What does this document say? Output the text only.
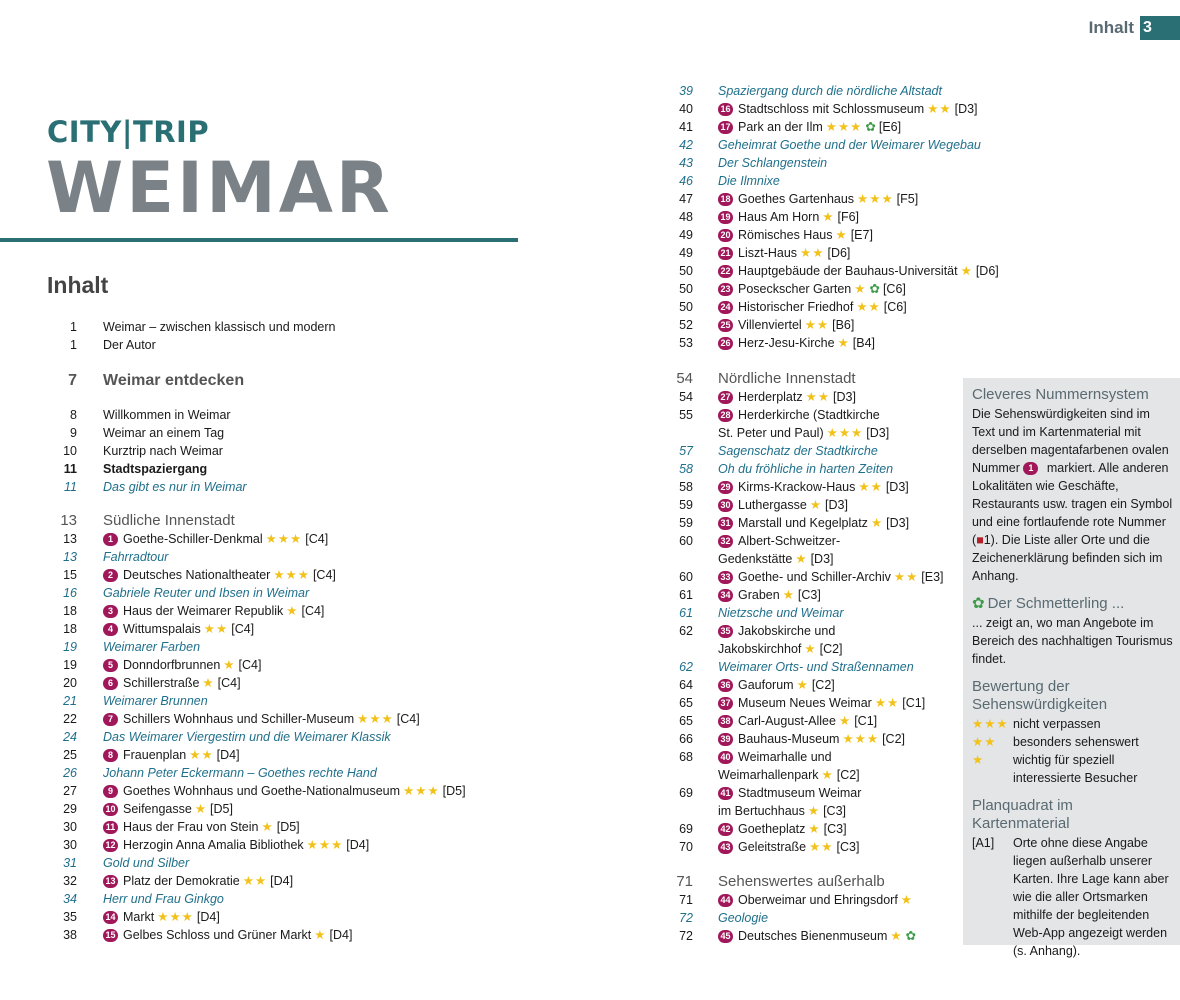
Inhalt 3
CITY|TRIP
WEIMAR
Inhalt
1 Weimar – zwischen klassisch und modern
1 Der Autor
7 Weimar entdecken
8 Willkommen in Weimar
9 Weimar an einem Tag
10 Kurztrip nach Weimar
11 Stadtspaziergang
11 Das gibt es nur in Weimar
13 Südliche Innenstadt
13	1 Goethe-Schiller-Denkmal ★★★ [C4]
13 Fahrradtour
15	2 Deutsches Nationaltheater ★★★ [C4]
16 Gabriele Reuter und Ibsen in Weimar
18	3 Haus der Weimarer Republik ★ [C4]
18	4 Wittumspalais ★★ [C4]
19 Weimarer Farben
19	5 Donndorfbrunnen ★ [C4]
20	6 Schillerstraße ★ [C4]
21 Weimarer Brunnen
22	7 Schillers Wohnhaus und Schiller-Museum ★★★ [C4]
24 Das Weimarer Viergestirn und die Weimarer Klassik
25	8 Frauenplan ★★ [D4]
26 Johann Peter Eckermann – Goethes rechte Hand
27	9 Goethes Wohnhaus und Goethe-Nationalmuseum ★★★ [D5]
29	10 Seifengasse ★ [D5]
30	11 Haus der Frau von Stein ★ [D5]
30	12 Herzogin Anna Amalia Bibliothek ★★★ [D4]
31 Gold und Silber
32	13 Platz der Demokratie ★★ [D4]
34 Herr und Frau Ginkgo
35	14 Markt ★★★ [D4]
38	15 Gelbes Schloss und Grüner Markt ★ [D4]
39 Spaziergang durch die nördliche Altstadt
40	16 Stadtschloss mit Schlossmuseum ★★ [D3]
41	17 Park an der Ilm ★★★ ✿ [E6]
42 Geheimrat Goethe und der Weimarer Wegebau
43 Der Schlangenstein
46 Die Ilmnixe
47	18 Goethes Gartenhaus ★★★ [F5]
48	19 Haus Am Horn ★ [F6]
49	20 Römisches Haus ★ [E7]
49	21 Liszt-Haus ★★ [D6]
50	22 Hauptgebäude der Bauhaus-Universität ★ [D6]
50	23 Poseckscher Garten ★ ✿ [C6]
50	24 Historischer Friedhof ★★ [C6]
52	25 Villenviertel ★★ [B6]
53	26 Herz-Jesu-Kirche ★ [B4]
54 Nördliche Innenstadt
54	27 Herderplatz ★★ [D3]
55	28 Herderkirche (Stadtkirche
St. Peter und Paul) ★★★ [D3]
57 Sagenschatz der Stadtkirche
58 Oh du fröhliche in harten Zeiten
58	29 Kirms-Krackow-Haus ★★ [D3]
59	30 Luthergasse ★ [D3]
59	31 Marstall und Kegelplatz ★ [D3]
60	32 Albert-Schweitzer-
Gedenkstätte ★ [D3]
60	33 Goethe- und Schiller-Archiv ★★ [E3]
61	34 Graben ★ [C3]
61 Nietzsche und Weimar
62	35 Jakobskirche und
Jakobskirchhof ★ [C2]
62 Weimarer Orts- und Straßennamen
64	36 Gauforum ★ [C2]
65	37 Museum Neues Weimar ★★ [C1]
65	38 Carl-August-Allee ★ [C1]
66	39 Bauhaus-Museum ★★★ [C2]
68	40 Weimarhalle und
Weimarhallenpark ★ [C2]
69	41 Stadtmuseum Weimar
im Bertuchhaus ★ [C3]
69	42 Goetheplatz ★ [C3]
70	43 Geleitstraße ★★ [C3]
71 Sehenswertes außerhalb
71	44 Oberweimar und Ehringsdorf ★
72 Geologie
72	45 Deutsches Bienenmuseum ★ ✿
Cleveres Nummernsystem

Die Sehenswürdigkeiten sind im Text und im Kartenmaterial mit derselben magentafarbenen ovalen Nummer 1 markiert. Alle anderen Lokalitäten wie Geschäfte, Restaurants usw. tragen ein Symbol und eine fortlaufende rote Nummer (■1). Die Liste aller Orte und die Zeichenerklärung befinden sich im Anhang.

✿ Der Schmetterling ...

... zeigt an, wo man Angebote im Bereich des nachhaltigen Tourismus findet.

Bewertung der Sehenswürdigkeiten
★★★ nicht verpassen
★★	besonders sehenswert
★	wichtig für speziell interessierte Besucher
Planquadrat im Kartenmaterial
[A1]	Orte ohne diese Angabe liegen außerhalb unserer Karten. Ihre Lage kann aber wie die aller Ortsmarken mithilfe der begleitenden Web-App angezeigt werden (s. Anhang).
